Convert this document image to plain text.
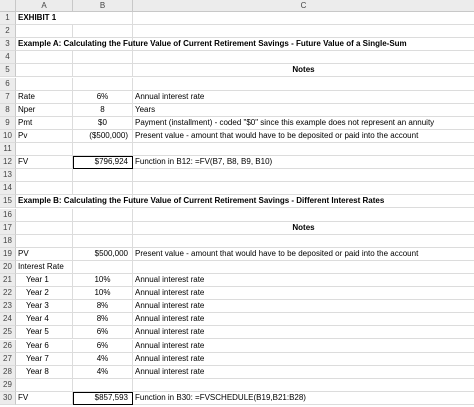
A	B	C
1	EXHIBIT 1
2
3	Example A: Calculating the Future Value of Current Retirement Savings - Future Value of a Single-Sum
4
5	Notes
6
7	Rate	6%	Annual interest rate
8	Nper	8	Years
9	Pmt	$0	Payment (installment) - coded "$0" since this example does not represent an annuity
10 Pv	($500,000) Present value - amount that would have to be deposited or paid into the account
11
12 FV	$796,924 Function in B12: =FV(B7, B8, B9, B10)
13
14
15 Example B: Calculating the Future Value of Current Retirement Savings - Different Interest Rates
16
17	Notes
18
19 PV	$500,000 Present value - amount that would have to be deposited or paid into the account
20 Interest Rate
21	Year 1	10%	Annual interest rate
22	Year 2	10%	Annual interest rate
23	Year 3	8%	Annual interest rate
24	Year 4	8%	Annual interest rate
25	Year 5	6%	Annual interest rate
26	Year 6	6%	Annual interest rate
27	Year 7	4%	Annual interest rate
28	Year 8	4%	Annual interest rate
29
30 FV	$857,593 Function in B30: =FVSCHEDULE(B19,B21:B28)
